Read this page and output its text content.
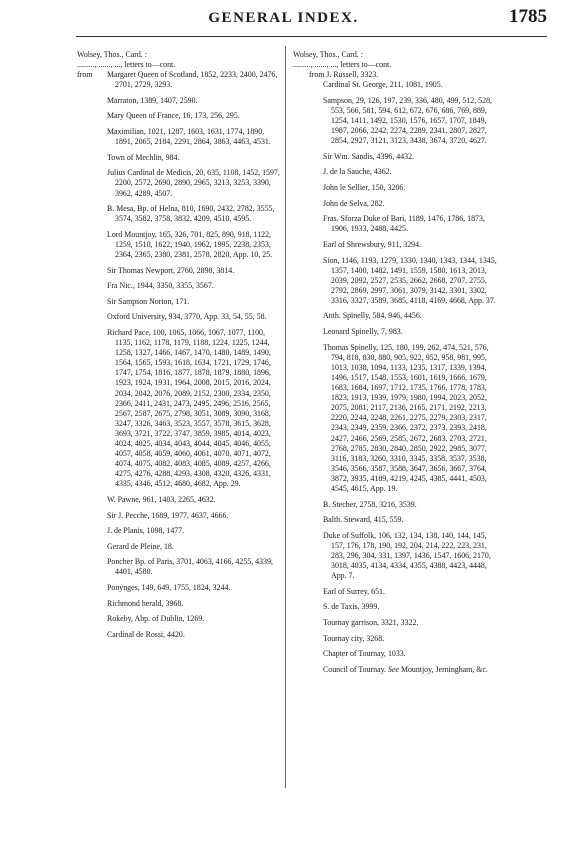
GENERAL INDEX.	1785
Wolsey, Thos., Card. :
........., ......, ..., letters to—cont.
from Margaret Queen of Scotland, 1852, 2233, 2400, 2476, 2701, 2729, 3293.
Marraton, 1389, 1407, 2590.
Mary Queen of France, 16, 173, 256, 295.
Maximilian, 1021, 1287, 1603, 1631, 1774, 1890, 1891, 2065, 2184, 2291, 2864, 3863, 4463, 4531.
Town of Mechlin, 984.
Julius Cardinal de Medicis, 20, 635, 1108, 1452, 1597, 2200, 2572, 2690, 2890, 2965, 3213, 3253, 3390, 3962, 4289, 4507.
B. Mesa, Bp. of Helna, 810, 1690, 2432, 2782, 3555, 3574, 3582, 3758, 3832, 4209, 4510, 4595.
Lord Mountjoy, 165, 326, 701, 825, 890, 918, 1122, 1259, 1510, 1622, 1940, 1962, 1995, 2238, 2353, 2364, 2365, 2380, 2381, 2578, 2820, App. 10, 25.
Sir Thomas Newport, 2760, 2898, 3814.
Fra Nic., 1944, 3350, 3355, 3567.
Sir Sampson Norton, 171.
Oxford University, 934, 3770, App. 33, 54, 55, 58.
Richard Pace, 100, 1065, 1066, 1067, 1077, 1100, 1135, 1162, 1178, 1179, 1188, 1224, 1225, 1244, 1258, 1327, 1466, 1467, 1470, 1480, 1489, 1490, 1564, 1565, 1593, 1618, 1634, 1721, 1729, 1746, 1747, 1754, 1816, 1877, 1878, 1879, 1880, 1896, 1923, 1924, 1931, 1964, 2008, 2015, 2016, 2024, 2034, 2042, 2076, 2089, 2152, 2300, 2334, 2350, 2366, 2411, 2431, 2473, 2495, 2496, 2516, 2565, 2567, 2587, 2675, 2798, 3051, 3089, 3090, 3168, 3247, 3326, 3463, 3523, 3557, 3578, 3615, 3628, 3693, 3721, 3722, 3747, 3859, 3985, 4014, 4023, 4024, 4025, 4034, 4043, 4044, 4045, 4046, 4055, 4057, 4058, 4059, 4060, 4061, 4070, 4071, 4072, 4074, 4075, 4082, 4083, 4085, 4089, 4257, 4266, 4275, 4276, 4288, 4293, 4308, 4320, 4326, 4331, 4335, 4346, 4512, 4680, 4682, App. 29.
W. Pawne, 961, 1403, 2265, 4632.
Sir J. Pecche, 1689, 1977, 4637, 4666.
J. de Planis, 1098, 1477.
Gerard de Pleine, 18.
Poncher Bp. of Paris, 3701, 4063, 4166, 4255, 4339, 4401, 4580.
Ponynges, 149, 649, 1755, 1824, 3244.
Richmond herald, 3968.
Rokeby, Abp. of Dublin, 1269.
Cardinal de Rossi, 4420.
Wolsey, Thos., Card. :
........., ......, ..., letters to—cont.
from J. Russell, 3323.
Cardinal St. George, 211, 1081, 1905.
Sampson, 29, 126, 197, 239, 336, 480, 499, 512, 528, 553, 566, 581, 594, 612, 672, 676, 686, 769, 889, 1254, 1411, 1492, 1530, 1576, 1657, 1707, 1849, 1987, 2066, 2242, 2274, 2289, 2341, 2807, 2827, 2854, 2927, 3121, 3123, 3438, 3674, 3720, 4627.
Sir Wm. Sandis, 4396, 4432.
J. de la Sauche, 4362.
John le Sellier, 150, 3206.
John de Selva, 282.
Fras. Sforza Duke of Bari, 1189, 1476, 1786, 1873, 1906, 1933, 2488, 4425.
Earl of Shrewsbury, 911, 3294.
Sion, 1146, 1193, 1279, 1330, 1340, 1343, 1344, 1345, 1357, 1400, 1482, 1491, 1559, 1580, 1613, 2013, 2039, 2092, 2527, 2535, 2662, 2668, 2707, 2755, 2792, 2869, 2997, 3061, 3079, 3142, 3301, 3302, 3316, 3327, 3589, 3685, 4118, 4169, 4668, App. 37.
Anth. Spinelly, 584, 946, 4456.
Leonard Spinelly, 7, 983.
Thomas Spinelly, 125, 180, 199, 262, 474, 521, 576, 794, 818, 830, 880, 905, 922, 952, 958, 981, 995, 1013, 1038, 1094, 1133, 1235, 1317, 1339, 1394, 1496, 1517, 1548, 1553, 1601, 1619, 1666, 1679, 1683, 1684, 1697, 1712, 1735, 1766, 1778, 1783, 1823, 1913, 1939, 1979, 1980, 1994, 2023, 2052, 2075, 2081, 2117, 2136, 2165, 2171, 2192, 2213, 2220, 2244, 2248, 2261, 2275, 2279, 2303, 2317, 2343, 2349, 2359, 2366, 2372, 2373, 2393, 2418, 2427, 2466, 2569, 2585, 2672, 2683, 2703, 2721, 2768, 2785, 2830, 2840, 2850, 2922, 2985, 3077, 3116, 3183, 3260, 3310, 3345, 3358, 3537, 3538, 3546, 3566, 3587, 3588, 3647, 3656, 3667, 3764, 3872, 3935, 4189, 4219, 4245, 4385, 4441, 4503, 4545, 4615, App. 19.
B. Stecher, 2758, 3216, 3539.
Balth. Steward, 415, 559.
Duke of Suffolk, 106, 132, 134, 138, 140, 144, 145, 157, 176, 178, 190, 192, 204, 214, 222, 223, 231, 283, 296, 304, 331, 1397, 1436, 1547, 1606, 2170, 3018, 4035, 4134, 4334, 4355, 4388, 4423, 4448, App. 7.
Earl of Surrey, 651.
S. de Taxis, 3999.
Tournay garrison, 3321, 3322.
Tournay city, 3268.
Chapter of Tournay, 1033.
Council of Tournay. See Mountjoy, Jerningham, &c.
